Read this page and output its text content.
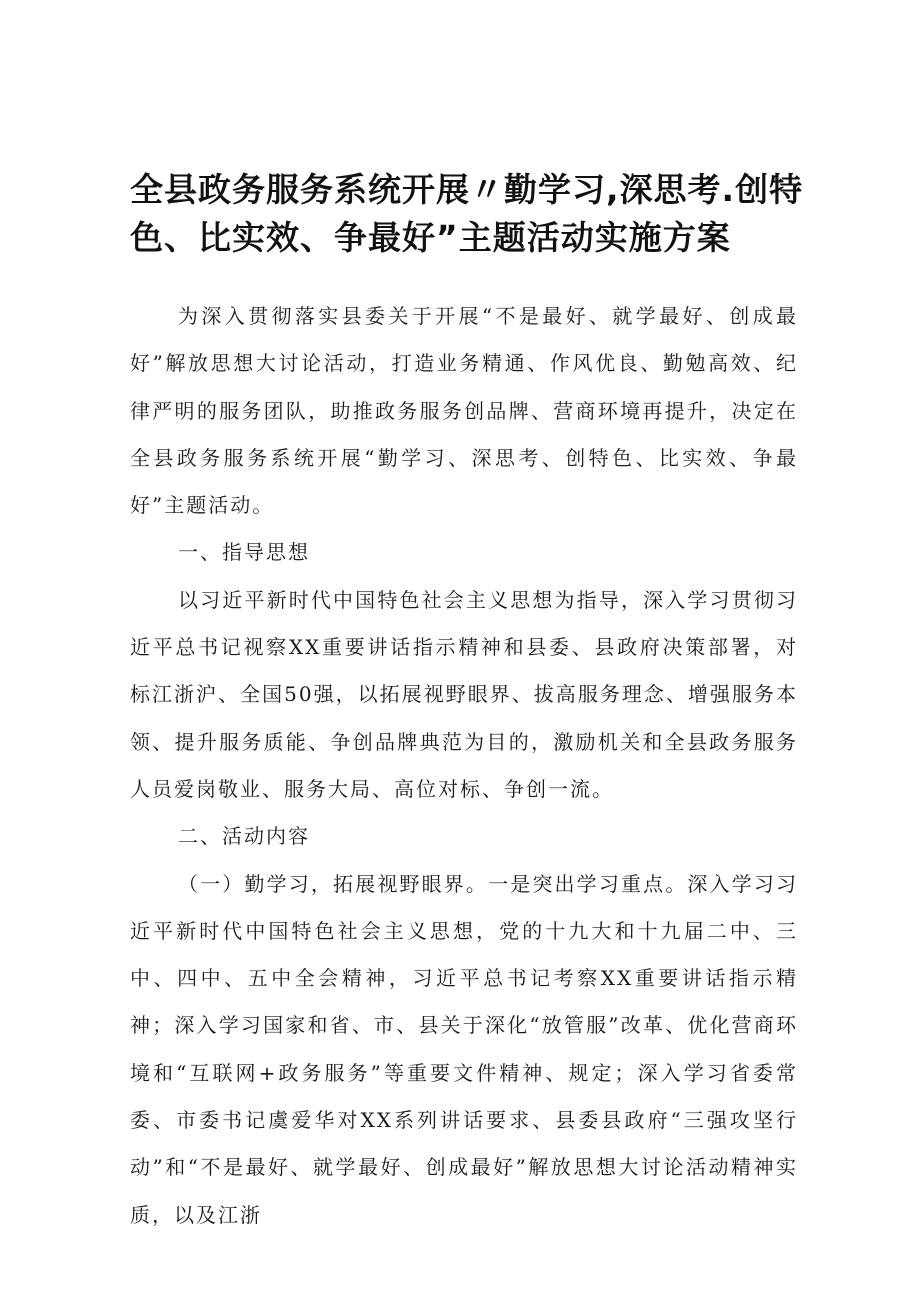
全县政务服务系统开展〃勤学习,深思考.创特色、比实效、争最好”主题活动实施方案

为深入贯彻落实县委关于开展“不是最好、就学最好、创成最好”解放思想大讨论活动，打造业务精通、作风优良、勤勉高效、纪律严明的服务团队，助推政务服务创品牌、营商环境再提升，决定在全县政务服务系统开展“勤学习、深思考、创特色、比实效、争最好”主题活动。

一、指导思想

以习近平新时代中国特色社会主义思想为指导，深入学习贯彻习近平总书记视察XX重要讲话指示精神和县委、县政府决策部署，对标江浙沪、全国50强，以拓展视野眼界、拔高服务理念、增强服务本领、提升服务质能、争创品牌典范为目的，激励机关和全县政务服务人员爱岗敬业、服务大局、高位对标、争创一流。

二、活动内容

（一）勤学习，拓展视野眼界。一是突出学习重点。深入学习习近平新时代中国特色社会主义思想，党的十九大和十九届二中、三中、四中、五中全会精神，习近平总书记考察XX重要讲话指示精神；深入学习国家和省、市、县关于深化“放管服”改革、优化营商环境和“互联网+政务服务”等重要文件精神、规定；深入学习省委常委、市委书记虞爱华对XX系列讲话要求、县委县政府“三强攻坚行动”和“不是最好、就学最好、创成最好”解放思想大讨论活动精神实质，以及江浙
